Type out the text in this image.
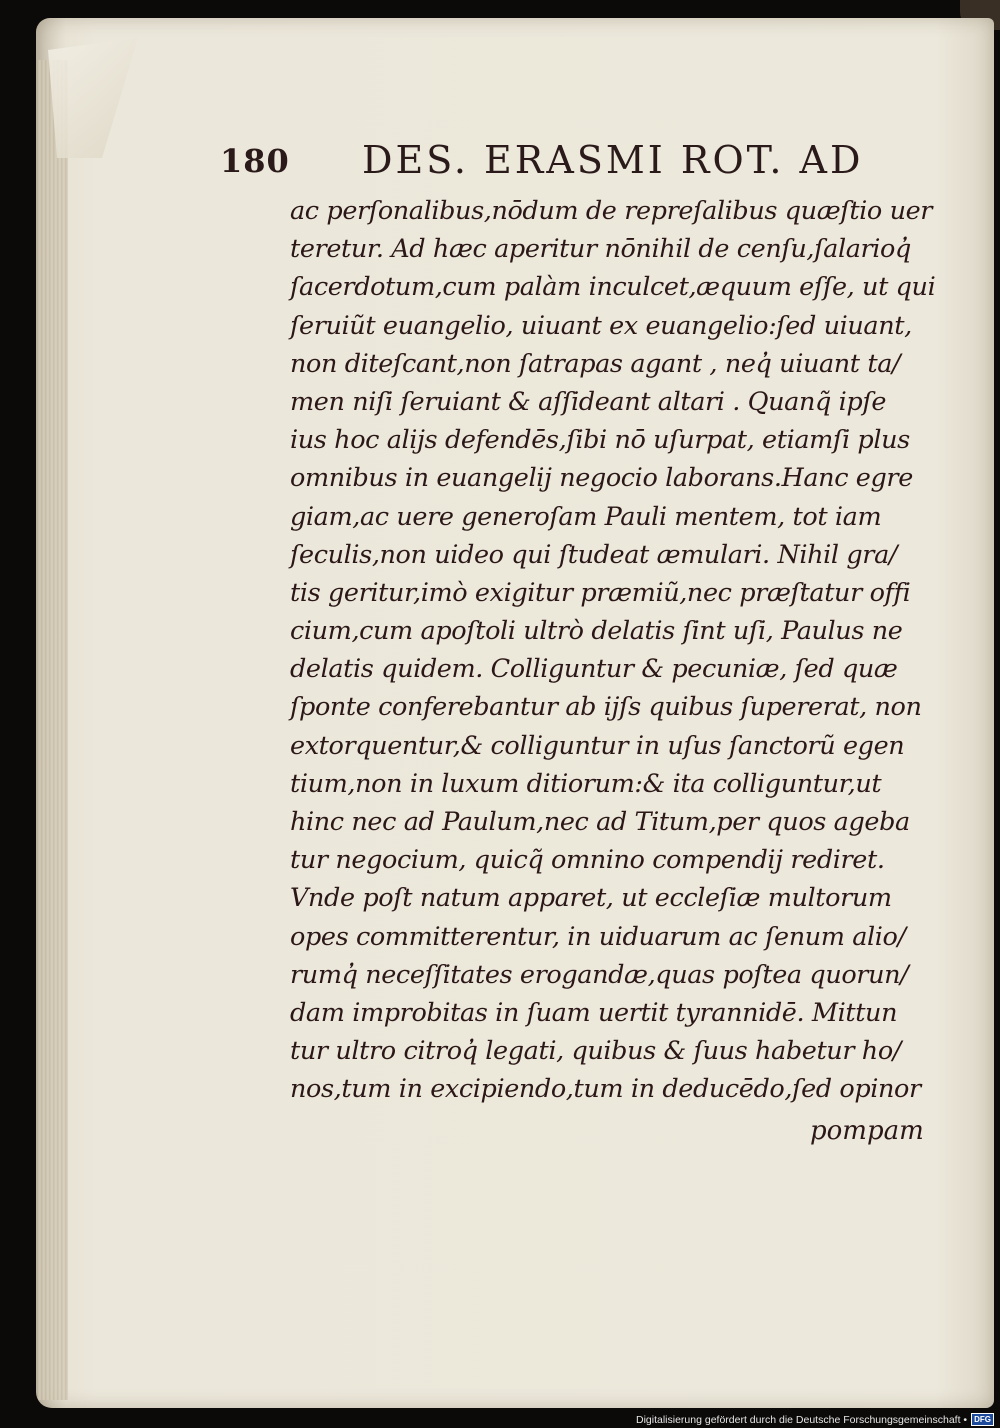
180 DES. ERASMI ROT. AD
ac perſonalibus,nōdum de repreſalibus quæſtio uer
teretur. Ad hæc aperitur nōnihil de cenſu,ſalarioq̓
ſacerdotum,cum palàm inculcet,æquum eſſe, ut qui
ſeruiũt euangelio, uiuant ex euangelio:ſed uiuant,
non diteſcant,non ſatrapas agant , neq̓ uiuant ta/
men niſi ſeruiant & aſſideant altari . Quanq̃ ipſe
ius hoc alijs defendēs,ſibi nō uſurpat, etiamſi plus
omnibus in euangelij negocio laborans.Hanc egre
giam,ac uere generoſam Pauli mentem, tot iam
ſeculis,non uideo qui ſtudeat æmulari. Nihil gra/
tis geritur,imò exigitur præmiũ,nec præſtatur offi
cium,cum apoſtoli ultrò delatis ſint uſi, Paulus ne
delatis quidem. Colliguntur & pecuniæ, ſed quæ
ſponte conferebantur ab ijſs quibus ſupererat, non
extorquentur,& colliguntur in uſus ſanctorũ egen
tium,non in luxum ditiorum:& ita colliguntur,ut
hinc nec ad Paulum,nec ad Titum,per quos ageba
tur negocium, quicq̃ omnino compendij rediret.
Vnde poſt natum apparet, ut eccleſiæ multorum
opes committerentur, in uiduarum ac ſenum alio/
rumq̓ neceſſitates erogandæ,quas poſtea quorun/
dam improbitas in ſuam uertit tyrannidē. Mittun
tur ultro citroq̓ legati, quibus & ſuus habetur ho/
nos,tum in excipiendo,tum in deducēdo,ſed opinor
pompam
Digitalisierung gefördert durch die Deutsche Forschungsgemeinschaft • DFG
